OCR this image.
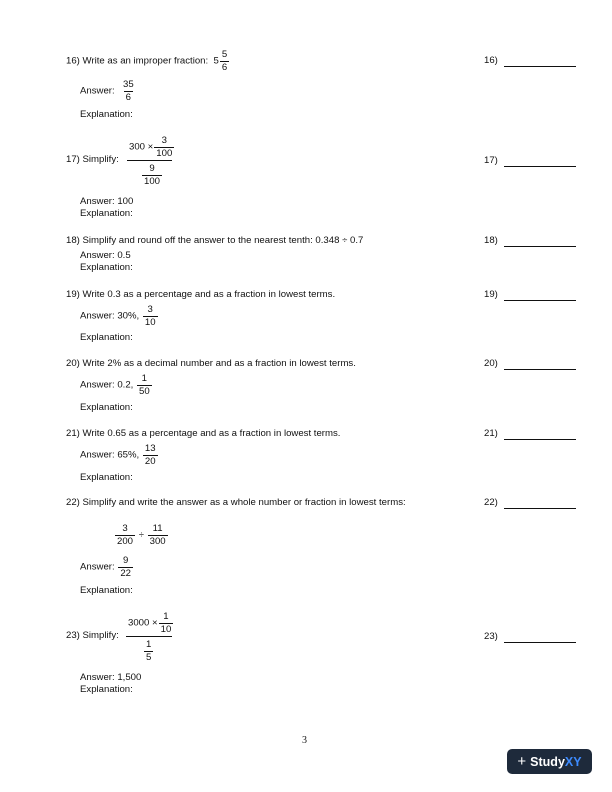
16) Write as an improper fraction: $5 \frac{5}{6}$	16)
Answer: $\frac{35}{6}$
Explanation:
$300 \times \frac{3}{100}$
17) Simplify:
$\frac{9}{100}$
17)
Answer: 100
Explanation:
18) Simplify and round off the answer to the nearest tenth: 0.348 ÷ 0.7	18)
Answer: 0.5
Explanation:
19) Write 0.3 as a percentage and as a fraction in lowest terms.	19)
Answer: 30%, $\frac{3}{10}$
Explanation:
20) Write 2% as a decimal number and as a fraction in lowest terms.	20)
Answer: 0.2, $\frac{1}{50}$
Explanation:
21) Write 0.65 as a percentage and as a fraction in lowest terms.	21)
Answer: 65%, $\frac{13}{20}$
Explanation:
22) Simplify and write the answer as a whole number or fraction in lowest terms:	22)
$\frac{3}{200} \div \frac{11}{300}$
Answer: $\frac{9}{22}$
Explanation:
$3000 \times \frac{1}{10}$
23) Simplify:
$\frac{1}{5}$
23)
Answer: 1,500
Explanation:
3
+ Study XY
